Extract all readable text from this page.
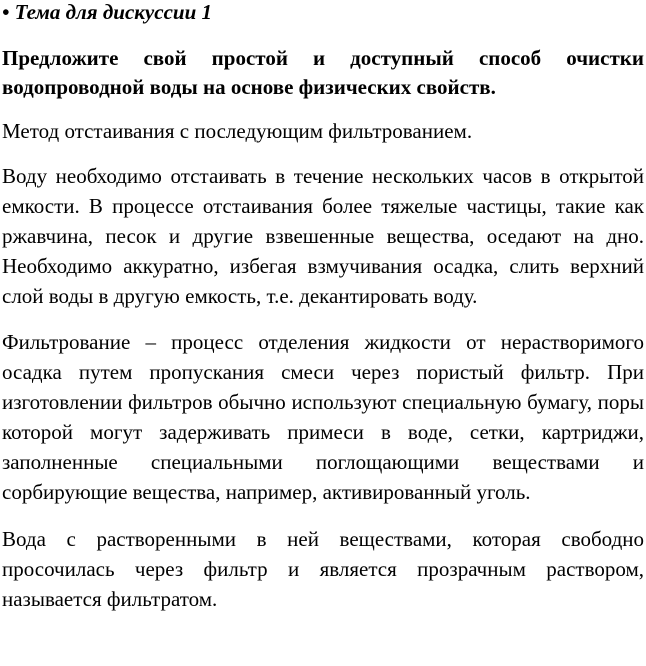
• Тема для дискуссии 1

Предложите свой простой и доступный способ очистки водопроводной воды на основе физических свойств.

Метод отстаивания с последующим фильтрованием.

Воду необходимо отстаивать в течение нескольких часов в открытой емкости. В процессе отстаивания более тяжелые частицы, такие как ржавчина, песок и другие взвешенные вещества, оседают на дно. Необходимо аккуратно, избегая взмучивания осадка, слить верхний слой воды в другую емкость, т.е. декантировать воду.

Фильтрование – процесс отделения жидкости от нерастворимого осадка путем пропускания смеси через пористый фильтр. При изготовлении фильтров обычно используют специальную бумагу, поры которой могут задерживать примеси в воде, сетки, картриджи, заполненные специальными поглощающими веществами и сорбирующие вещества, например, активированный уголь.

Вода с растворенными в ней веществами, которая свободно просочилась через фильтр и является прозрачным раствором, называется фильтратом.
